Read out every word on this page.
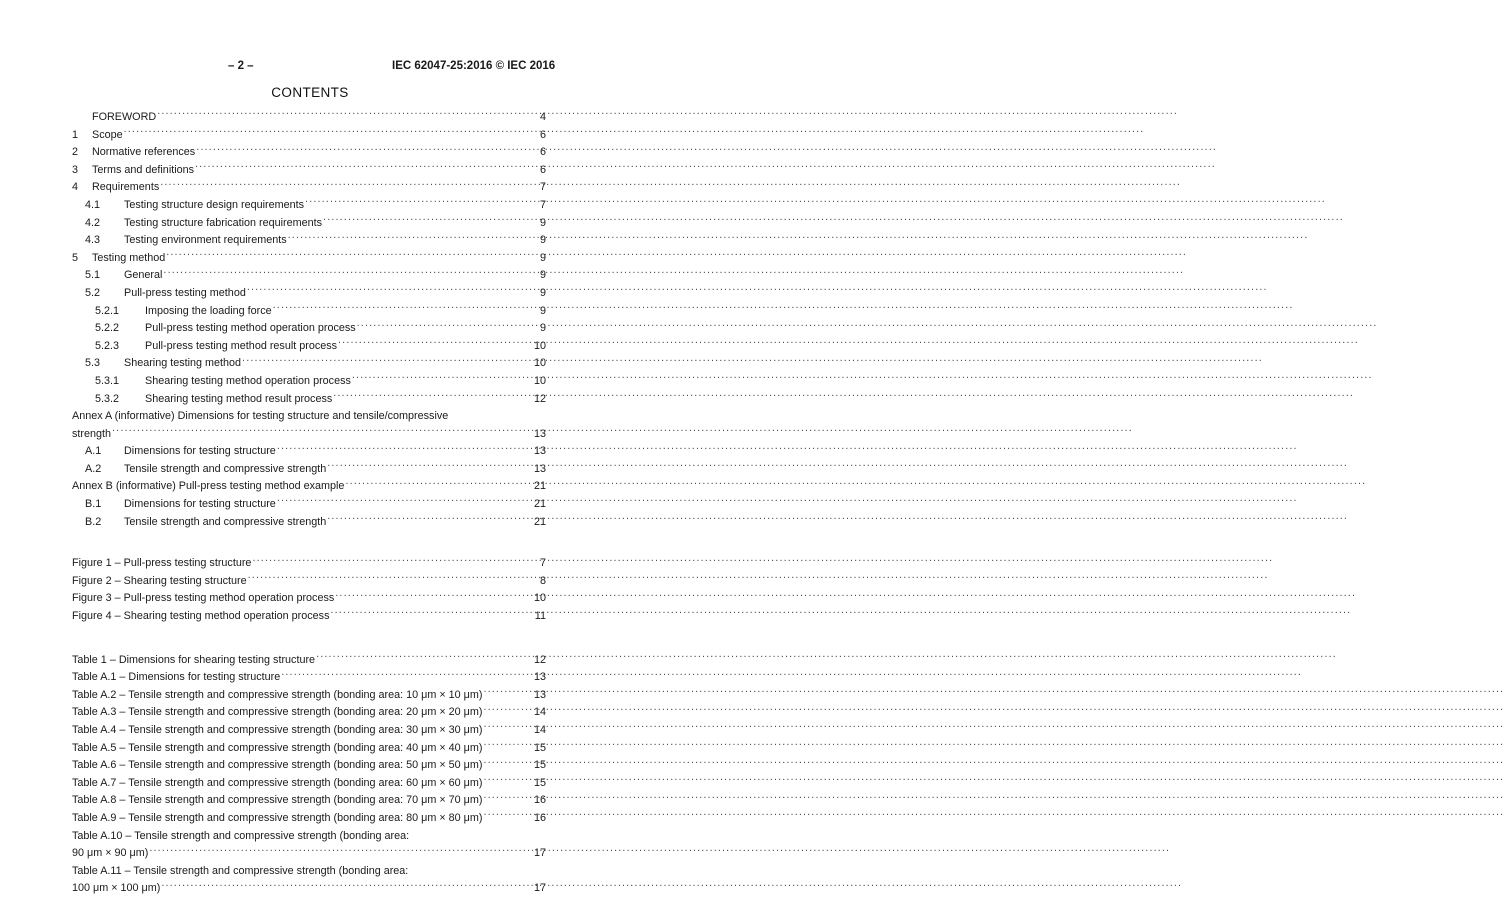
– 2 –	IEC 62047-25:2016 © IEC 2016
CONTENTS
FOREWORD .....	4
1	Scope .....	6
2	Normative references .....	6
3	Terms and definitions .....	6
4	Requirements .....	7
4.1	Testing structure design requirements .....	7
4.2	Testing structure fabrication requirements .....	9
4.3	Testing environment requirements .....	9
5	Testing method .....	9
5.1	General .....	9
5.2	Pull-press testing method .....	9
5.2.1	Imposing the loading force .....	9
5.2.2	Pull-press testing method operation process .....	9
5.2.3	Pull-press testing method result process .....	10
5.3	Shearing testing method .....	10
5.3.1	Shearing testing method operation process .....	10
5.3.2	Shearing testing method result process .....	12
Annex A (informative) Dimensions for testing structure and tensile/compressive
strength .....	13
A.1	Dimensions for testing structure .....	13
A.2	Tensile strength and compressive strength .....	13
Annex B (informative) Pull-press testing method example .....	21
B.1	Dimensions for testing structure .....	21
B.2	Tensile strength and compressive strength .....	21
Figure 1 – Pull-press testing structure .....	7
Figure 2 – Shearing testing structure .....	8
Figure 3 – Pull-press testing method operation process .....	10
Figure 4 – Shearing testing method operation process .....	11
Table 1 – Dimensions for shearing testing structure .....	12
Table A.1 – Dimensions for testing structure .....	13
Table A.2 – Tensile strength and compressive strength (bonding area: 10 μm × 10 μm) .....	13
Table A.3 – Tensile strength and compressive strength (bonding area: 20 μm × 20 μm) .....	14
Table A.4 – Tensile strength and compressive strength (bonding area: 30 μm × 30 μm) .....	14
Table A.5 – Tensile strength and compressive strength (bonding area: 40 μm × 40 μm) .....	15
Table A.6 – Tensile strength and compressive strength (bonding area: 50 μm × 50 μm) .....	15
Table A.7 – Tensile strength and compressive strength (bonding area: 60 μm × 60 μm) .....	15
Table A.8 – Tensile strength and compressive strength (bonding area: 70 μm × 70 μm) .....	16
Table A.9 – Tensile strength and compressive strength (bonding area: 80 μm × 80 μm) .....	16
Table A.10 – Tensile strength and compressive strength (bonding area:
90 μm × 90 μm) .....	17
Table A.11 – Tensile strength and compressive strength (bonding area:
100 μm × 100 μm) .....	17
